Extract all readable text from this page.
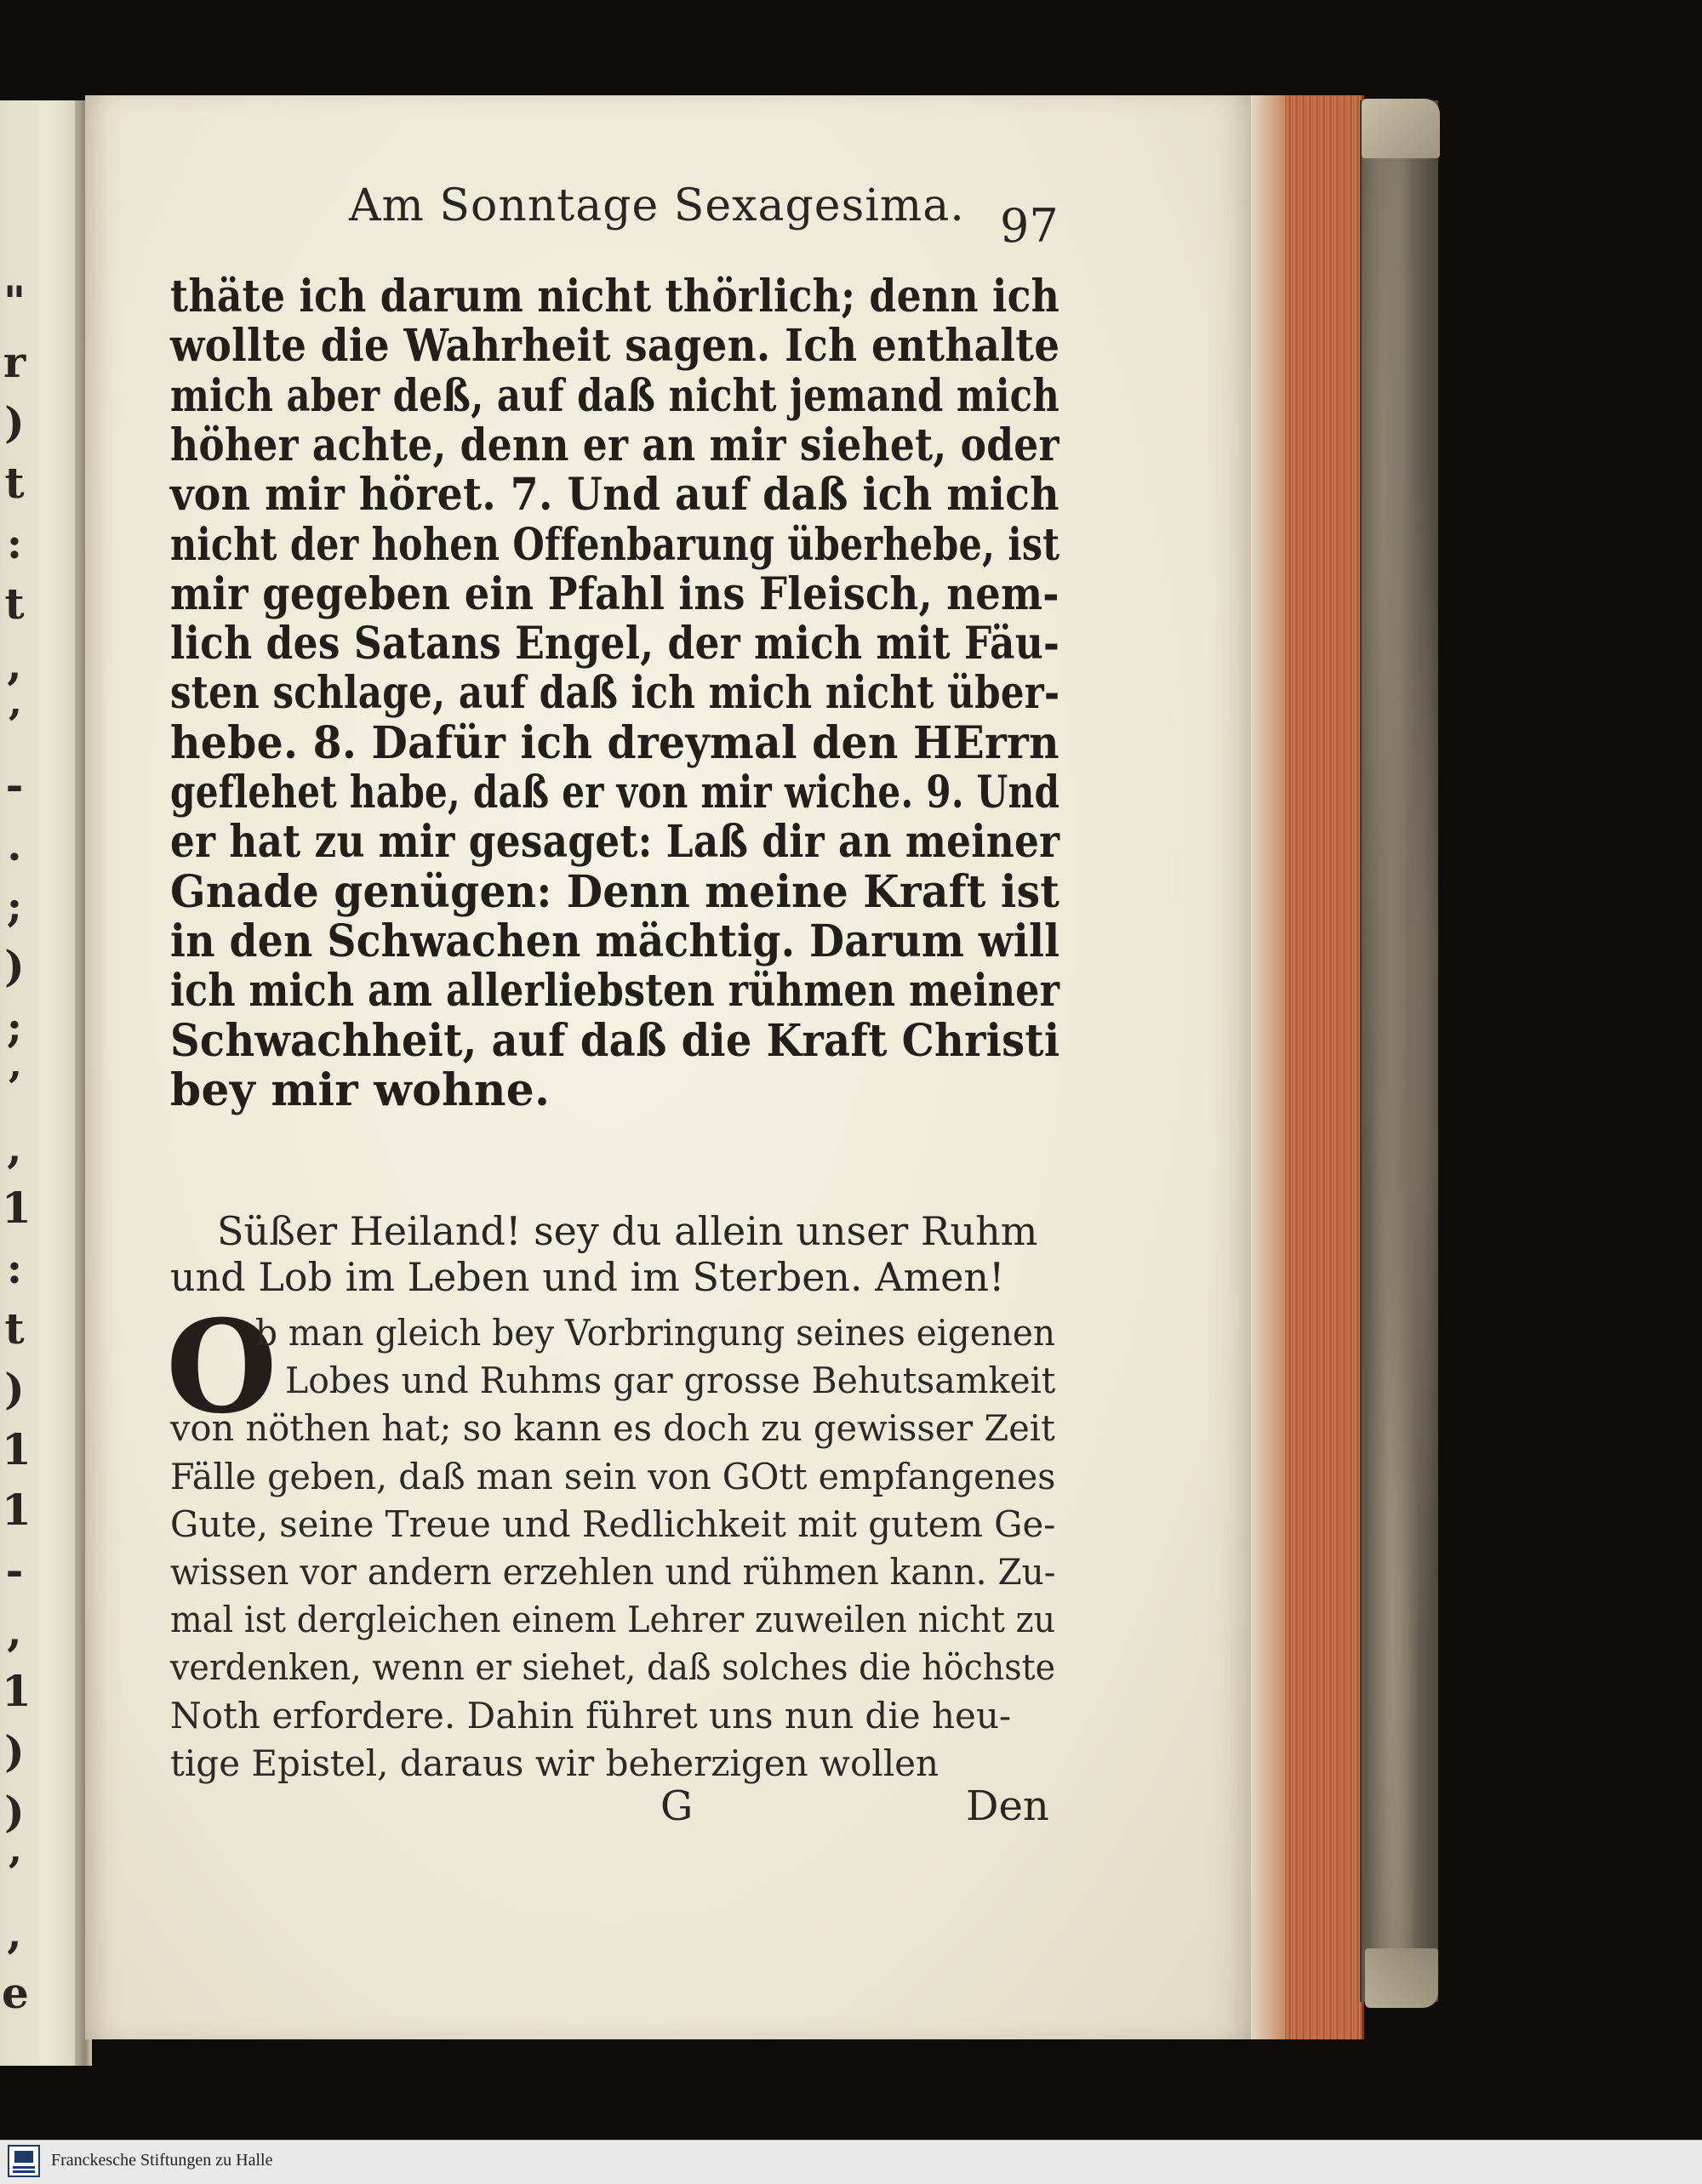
"
r
)
t
:
t
,
’
-
.
;
)
;
’
,
1
:
t
)
1
1
-
,
1
)
)
’
,
e
Am Sonntage Sexagesima. 97
thäte ich darum nicht thörlich; denn ich
wollte die Wahrheit sagen. Ich enthalte
mich aber deß, auf daß nicht jemand mich
höher achte, denn er an mir siehet, oder
von mir höret. 7. Und auf daß ich mich
nicht der hohen Offenbarung überhebe, ist
mir gegeben ein Pfahl ins Fleisch, nem‑
lich des Satans Engel, der mich mit Fäu‑
sten schlage, auf daß ich mich nicht über‑
hebe. 8. Dafür ich dreymal den HErrn
geflehet habe, daß er von mir wiche. 9. Und
er hat zu mir gesaget: Laß dir an meiner
Gnade genügen: Denn meine Kraft ist
in den Schwachen mächtig. Darum will
ich mich am allerliebsten rühmen meiner
Schwachheit, auf daß die Kraft Christi
bey mir wohne.
Süßer Heiland! sey du allein unser Ruhm
und Lob im Leben und im Sterben. Amen!
O
b man gleich bey Vorbringung seines eigenen
Lobes und Ruhms gar grosse Behutsamkeit
von nöthen hat; so kann es doch zu gewisser Zeit
Fälle geben, daß man sein von GOtt empfangenes
Gute, seine Treue und Redlichkeit mit gutem Ge‑
wissen vor andern erzehlen und rühmen kann. Zu‑
mal ist dergleichen einem Lehrer zuweilen nicht zu
verdenken, wenn er siehet, daß solches die höchste
Noth erfordere. Dahin führet uns nun die heu‑
tige Epistel, daraus wir beherzigen wollen
G	Den
Franckesche Stiftungen zu Halle
